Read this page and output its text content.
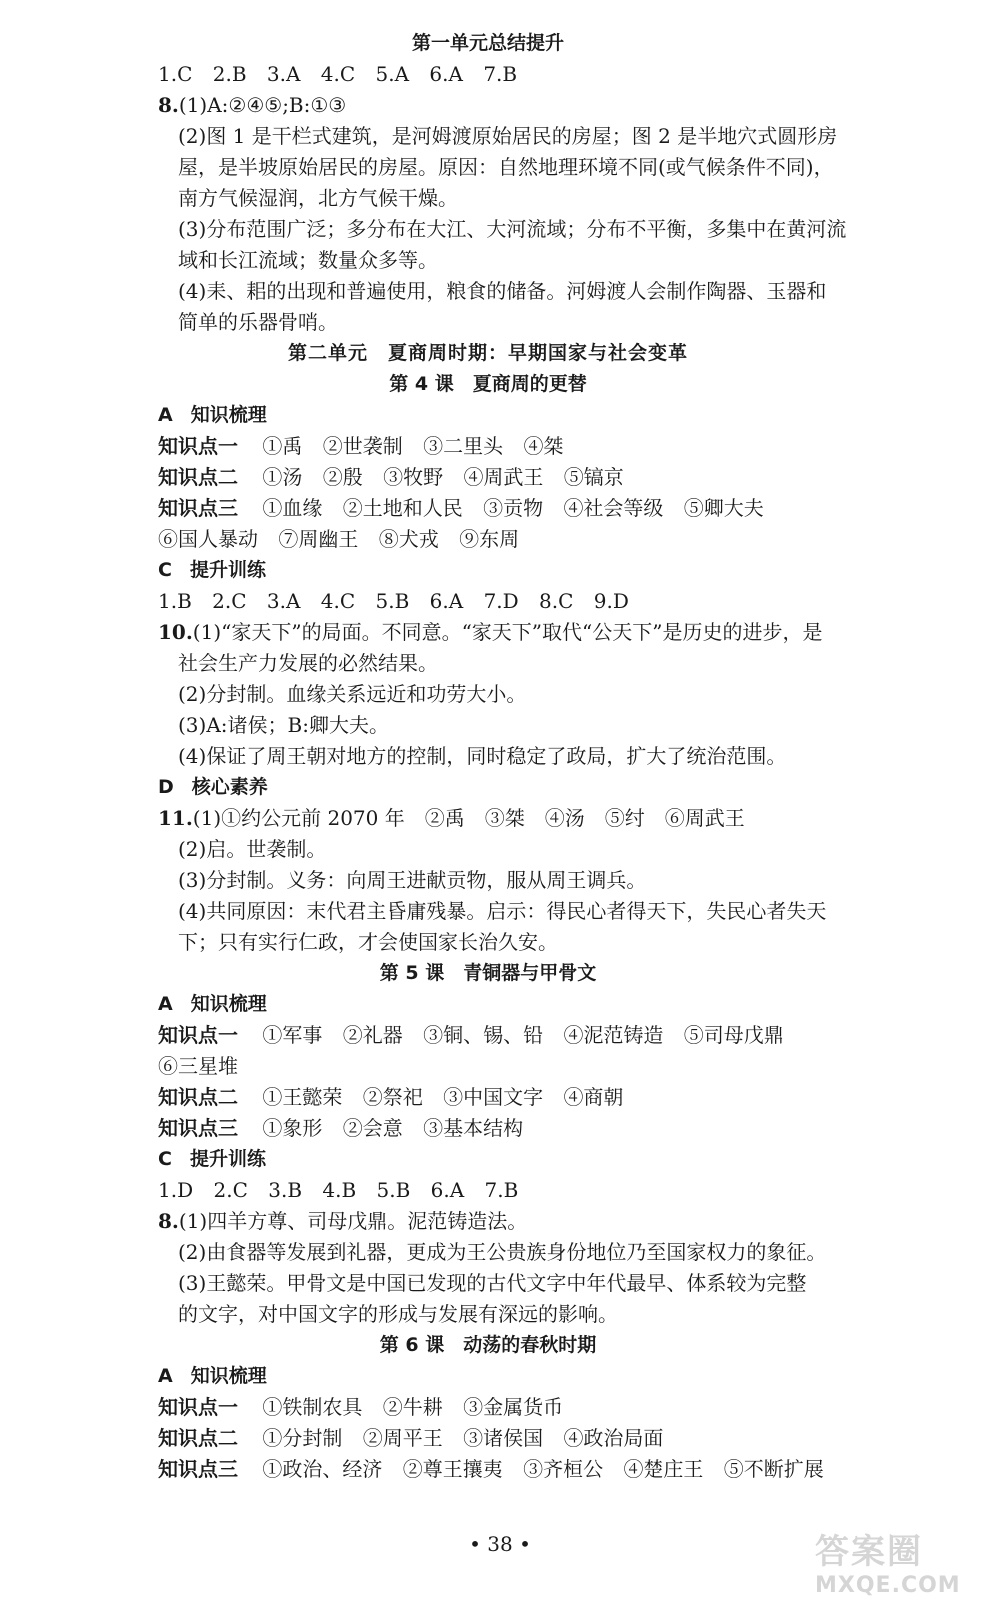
第一单元总结提升
1.C 2.B 3.A 4.C 5.A 6.A 7.B
8.(1)A:②④⑤;B:①③
(2)图 1 是干栏式建筑，是河姆渡原始居民的房屋；图 2 是半地穴式圆形房
屋，是半坡原始居民的房屋。原因：自然地理环境不同(或气候条件不同)，
南方气候湿润，北方气候干燥。
(3)分布范围广泛；多分布在大江、大河流域；分布不平衡，多集中在黄河流
域和长江流域；数量众多等。
(4)耒、耜的出现和普遍使用，粮食的储备。河姆渡人会制作陶器、玉器和
简单的乐器骨哨。
第二单元　夏商周时期：早期国家与社会变革
第 4 课　夏商周的更替
A 知识梳理
知识点一 ①禹 ②世袭制 ③二里头 ④桀
知识点二 ①汤 ②殷 ③牧野 ④周武王 ⑤镐京
知识点三 ①血缘 ②土地和人民 ③贡物 ④社会等级 ⑤卿大夫
⑥国人暴动 ⑦周幽王 ⑧犬戎 ⑨东周
C 提升训练
1.B 2.C 3.A 4.C 5.B 6.A 7.D 8.C 9.D
10.(1)“家天下”的局面。不同意。“家天下”取代“公天下”是历史的进步，是
社会生产力发展的必然结果。
(2)分封制。血缘关系远近和功劳大小。
(3)A:诸侯；B:卿大夫。
(4)保证了周王朝对地方的控制，同时稳定了政局，扩大了统治范围。
D 核心素养
11.(1)①约公元前 2070 年　②禹　③桀　④汤　⑤纣　⑥周武王
(2)启。世袭制。
(3)分封制。义务：向周王进献贡物，服从周王调兵。
(4)共同原因：末代君主昏庸残暴。启示：得民心者得天下，失民心者失天
下；只有实行仁政，才会使国家长治久安。
第 5 课　青铜器与甲骨文
A 知识梳理
知识点一 ①军事 ②礼器 ③铜、锡、铅 ④泥范铸造 ⑤司母戊鼎
⑥三星堆
知识点二 ①王懿荣 ②祭祀 ③中国文字 ④商朝
知识点三 ①象形 ②会意 ③基本结构
C 提升训练
1.D 2.C 3.B 4.B 5.B 6.A 7.B
8.(1)四羊方尊、司母戊鼎。泥范铸造法。
(2)由食器等发展到礼器，更成为王公贵族身份地位乃至国家权力的象征。
(3)王懿荣。甲骨文是中国已发现的古代文字中年代最早、体系较为完整
的文字，对中国文字的形成与发展有深远的影响。
第 6 课　动荡的春秋时期
A 知识梳理
知识点一 ①铁制农具 ②牛耕 ③金属货币
知识点二 ①分封制 ②周平王 ③诸侯国 ④政治局面
知识点三 ①政治、经济 ②尊王攘夷 ③齐桓公 ④楚庄王 ⑤不断扩展
• 38 •	答案圈
MXQE.COM
